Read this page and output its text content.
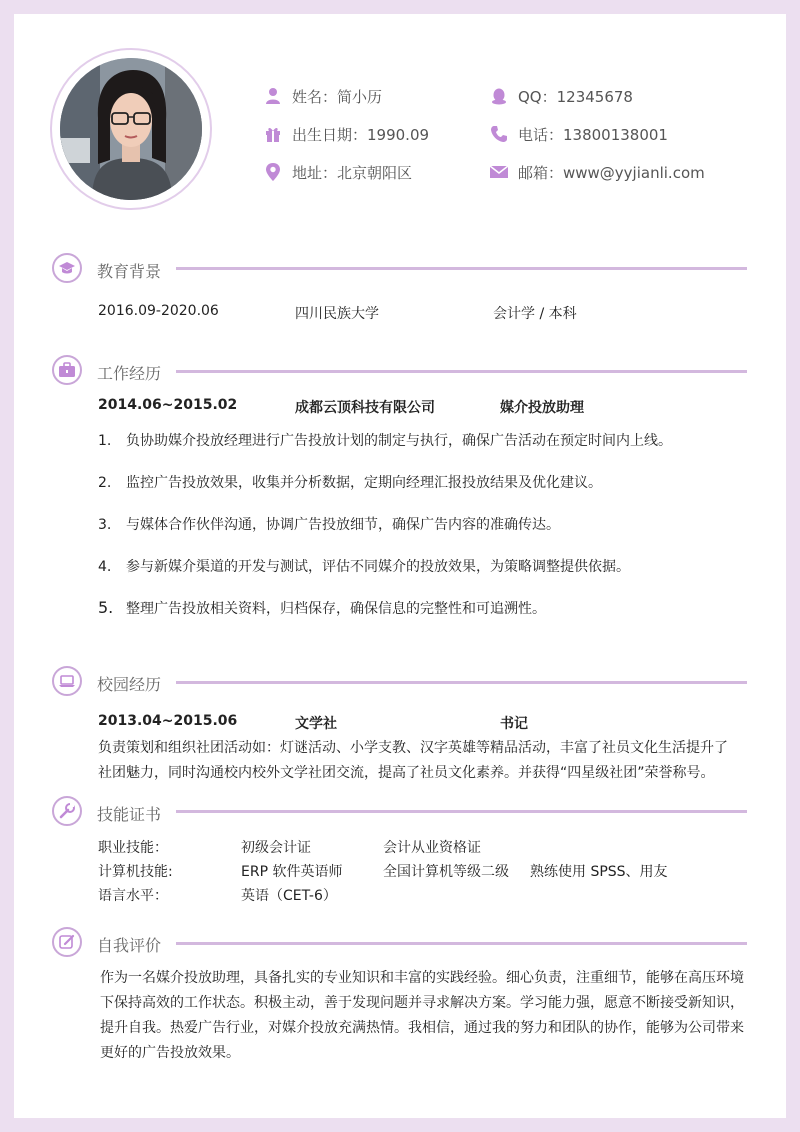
姓名：简小历	QQ：12345678
出生日期：1990.09	电话：13800138001
地址：北京朝阳区	邮箱：www@yyjianli.com
教育背景
2016.09-2020.06	四川民族大学	会计学 / 本科
工作经历
2014.06~2015.02	成都云顶科技有限公司	媒介投放助理
1. 负协助媒介投放经理进行广告投放计划的制定与执行，确保广告活动在预定时间内上线。
2. 监控广告投放效果，收集并分析数据，定期向经理汇报投放结果及优化建议。
3. 与媒体合作伙伴沟通，协调广告投放细节，确保广告内容的准确传达。
4. 参与新媒介渠道的开发与测试，评估不同媒介的投放效果，为策略调整提供依据。
5. 整理广告投放相关资料，归档保存，确保信息的完整性和可追溯性。
校园经历
2013.04~2015.06	文学社	书记
负责策划和组织社团活动如：灯谜活动、小学支教、汉字英雄等精品活动，丰富了社员文化生活提升了
社团魅力，同时沟通校内校外文学社团交流，提高了社员文化素养。并获得“四星级社团”荣誉称号。
技能证书
职业技能：	初级会计证	会计从业资格证
计算机技能:	ERP 软件英语师	全国计算机等级二级 熟练使用 SPSS、用友
语言水平：	英语（CET-6）
自我评价
作为一名媒介投放助理，具备扎实的专业知识和丰富的实践经验。细心负责，注重细节，能够在高压环境
下保持高效的工作状态。积极主动，善于发现问题并寻求解决方案。学习能力强，愿意不断接受新知识，
提升自我。热爱广告行业，对媒介投放充满热情。我相信，通过我的努力和团队的协作，能够为公司带来
更好的广告投放效果。
